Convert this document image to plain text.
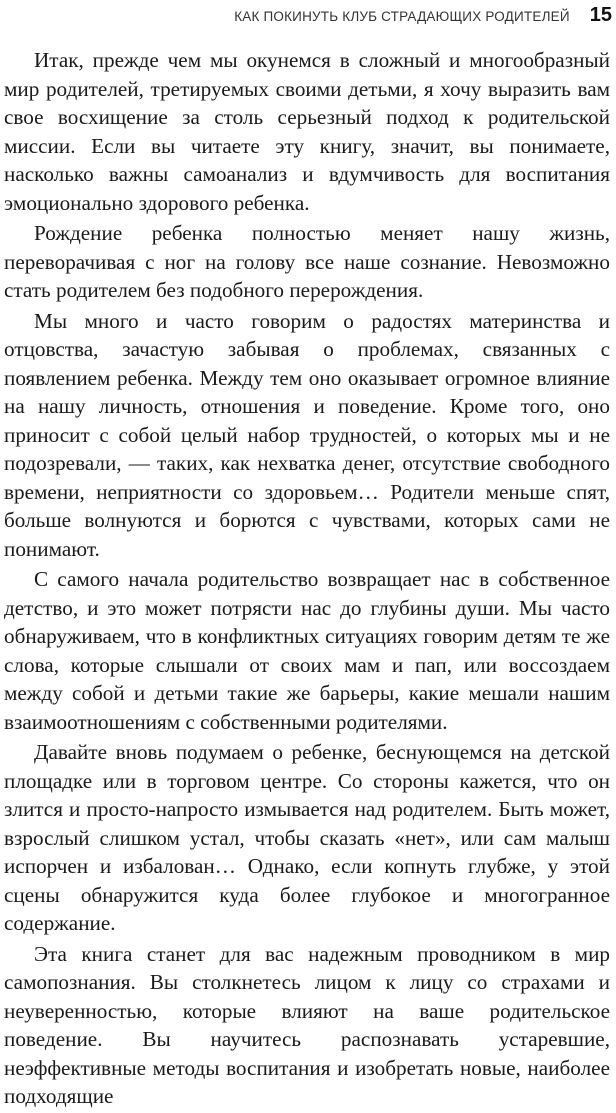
КАК ПОКИНУТЬ КЛУБ СТРАДАЮЩИХ РОДИТЕЛЕЙ 15

Итак, прежде чем мы окунемся в сложный и многообразный мир родителей, третируемых своими детьми, я хочу выразить вам свое восхищение за столь серьезный подход к родительской миссии. Если вы читаете эту книгу, значит, вы понимаете, насколько важны самоанализ и вдумчивость для воспитания эмоционально здорового ребенка.

Рождение ребенка полностью меняет нашу жизнь, переворачивая с ног на голову все наше сознание. Невозможно стать родителем без подобного перерождения.

Мы много и часто говорим о радостях материнства и отцовства, зачастую забывая о проблемах, связанных с появлением ребенка. Между тем оно оказывает огромное влияние на нашу личность, отношения и поведение. Кроме того, оно приносит с собой целый набор трудностей, о которых мы и не подозревали, — таких, как нехватка денег, отсутствие свободного времени, неприятности со здоровьем… Родители меньше спят, больше волнуются и борются с чувствами, которых сами не понимают.

С самого начала родительство возвращает нас в собственное детство, и это может потрясти нас до глубины души. Мы часто обнаруживаем, что в конфликтных ситуациях говорим детям те же слова, которые слышали от своих мам и пап, или воссоздаем между собой и детьми такие же барьеры, какие мешали нашим взаимоотношениям с собственными родителями.

Давайте вновь подумаем о ребенке, беснующемся на детской площадке или в торговом центре. Со стороны кажется, что он злится и просто-напросто измывается над родителем. Быть может, взрослый слишком устал, чтобы сказать «нет», или сам малыш испорчен и избалован… Однако, если копнуть глубже, у этой сцены обнаружится куда более глубокое и многогранное содержание.

Эта книга станет для вас надежным проводником в мир самопознания. Вы столкнетесь лицом к лицу со страхами и неуверенностью, которые влияют на ваше родительское поведение. Вы научитесь распознавать устаревшие, неэффективные методы воспитания и изобретать новые, наиболее подходящие
